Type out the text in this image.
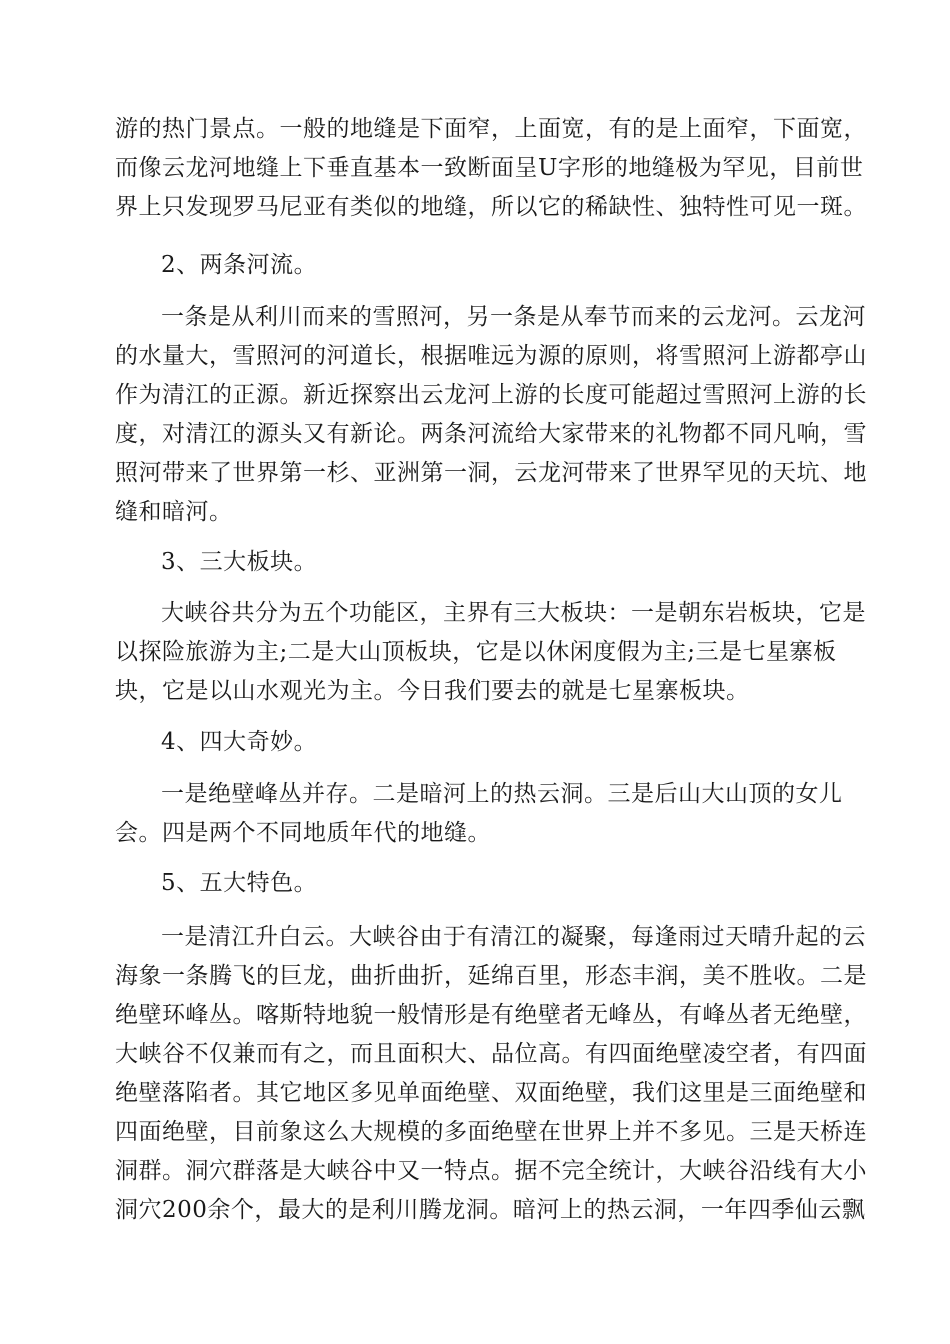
游的热门景点。一般的地缝是下面窄，上面宽，有的是上面窄，下面宽，
而像云龙河地缝上下垂直基本一致断面呈U字形的地缝极为罕见，目前世
界上只发现罗马尼亚有类似的地缝，所以它的稀缺性、独特性可见一斑。
2、两条河流。
一条是从利川而来的雪照河，另一条是从奉节而来的云龙河。云龙河
的水量大，雪照河的河道长，根据唯远为源的原则，将雪照河上游都亭山
作为清江的正源。新近探察出云龙河上游的长度可能超过雪照河上游的长
度，对清江的源头又有新论。两条河流给大家带来的礼物都不同凡响，雪
照河带来了世界第一杉、亚洲第一洞，云龙河带来了世界罕见的天坑、地
缝和暗河。
3、三大板块。
大峡谷共分为五个功能区，主界有三大板块：一是朝东岩板块，它是
以探险旅游为主;二是大山顶板块，它是以休闲度假为主;三是七星寨板
块，它是以山水观光为主。今日我们要去的就是七星寨板块。
4、四大奇妙。
一是绝壁峰丛并存。二是暗河上的热云洞。三是后山大山顶的女儿
会。四是两个不同地质年代的地缝。
5、五大特色。
一是清江升白云。大峡谷由于有清江的凝聚，每逢雨过天晴升起的云
海象一条腾飞的巨龙，曲折曲折，延绵百里，形态丰润，美不胜收。二是
绝壁环峰丛。喀斯特地貌一般情形是有绝壁者无峰丛，有峰丛者无绝壁，
大峡谷不仅兼而有之，而且面积大、品位高。有四面绝壁凌空者，有四面
绝壁落陷者。其它地区多见单面绝壁、双面绝壁，我们这里是三面绝壁和
四面绝壁，目前象这么大规模的多面绝壁在世界上并不多见。三是天桥连
洞群。洞穴群落是大峡谷中又一特点。据不完全统计，大峡谷沿线有大小
洞穴200余个，最大的是利川腾龙洞。暗河上的热云洞，一年四季仙云飘
